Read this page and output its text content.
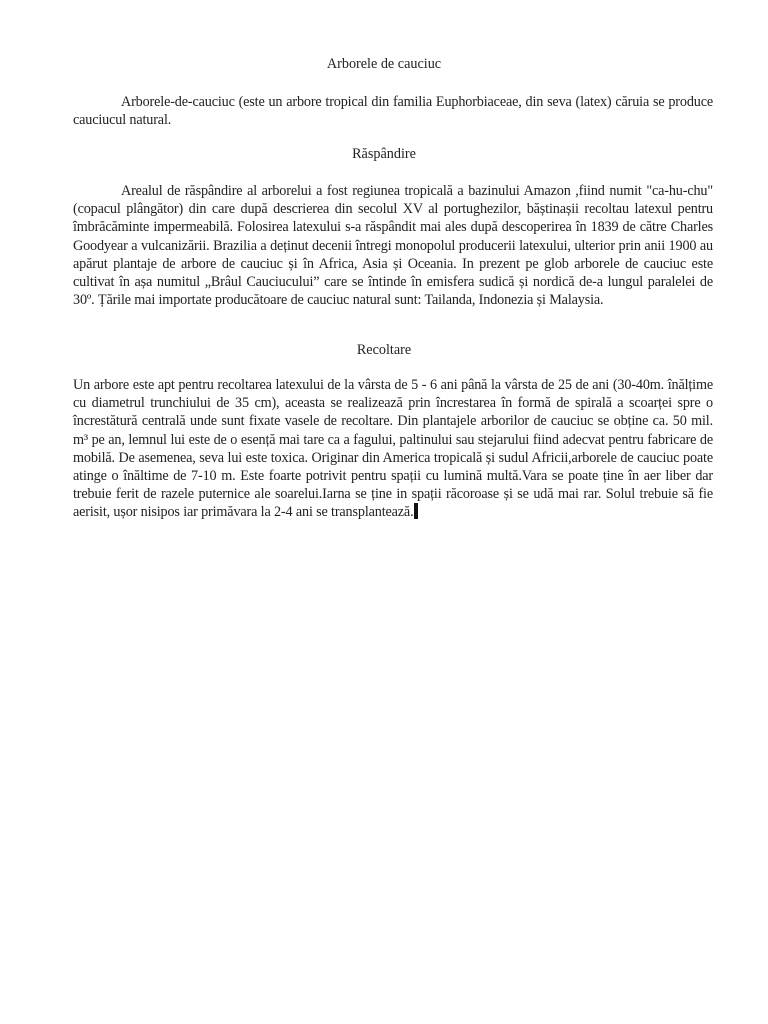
Arborele de cauciuc
Arborele-de-cauciuc (este un arbore tropical din familia Euphorbiaceae, din seva (latex) căruia se produce cauciucul natural.
Răspândire
Arealul de răspândire al arborelui a fost regiunea tropicală a bazinului Amazon ,fiind numit "ca-hu-chu" (copacul plângător) din care după descrierea din secolul XV al portughezilor, băștinașii recoltau latexul pentru îmbrăcăminte impermeabilă. Folosirea latexului s-a răspândit mai ales după descoperirea în 1839 de către Charles Goodyear a vulcanizării. Brazilia a deținut decenii întregi monopolul producerii latexului, ulterior prin anii 1900 au apărut plantaje de arbore de cauciuc și în Africa, Asia și Oceania. In prezent pe glob arborele de cauciuc este cultivat în așa numitul „Brâul Cauciucului” care se întinde în emisfera sudică și nordică de-a lungul paralelei de 30º. Țările mai importate producătoare de cauciuc natural sunt: Tailanda, Indonezia și Malaysia.
Recoltare
Un arbore este apt pentru recoltarea latexului de la vârsta de 5 - 6 ani până la vârsta de 25 de ani (30-40m. înălțime cu diametrul trunchiului de 35 cm), aceasta se realizează prin încrestarea în formă de spirală a scoarței spre o încrestătură centrală unde sunt fixate vasele de recoltare. Din plantajele arborilor de cauciuc se obține ca. 50 mil. m³ pe an, lemnul lui este de o esență mai tare ca a fagului, paltinului sau stejarului fiind adecvat pentru fabricare de mobilă. De asemenea, seva lui este toxica. Originar din America tropicală și sudul Africii,arborele de cauciuc poate atinge o înăltime de 7-10 m. Este foarte potrivit pentru spații cu lumină multă.Vara se poate ține în aer liber dar trebuie ferit de razele puternice ale soarelui.Iarna se ține in spații răcoroase și se udă mai rar. Solul trebuie să fie aerisit, ușor nisipos iar primăvara la 2-4 ani se transplantează.
